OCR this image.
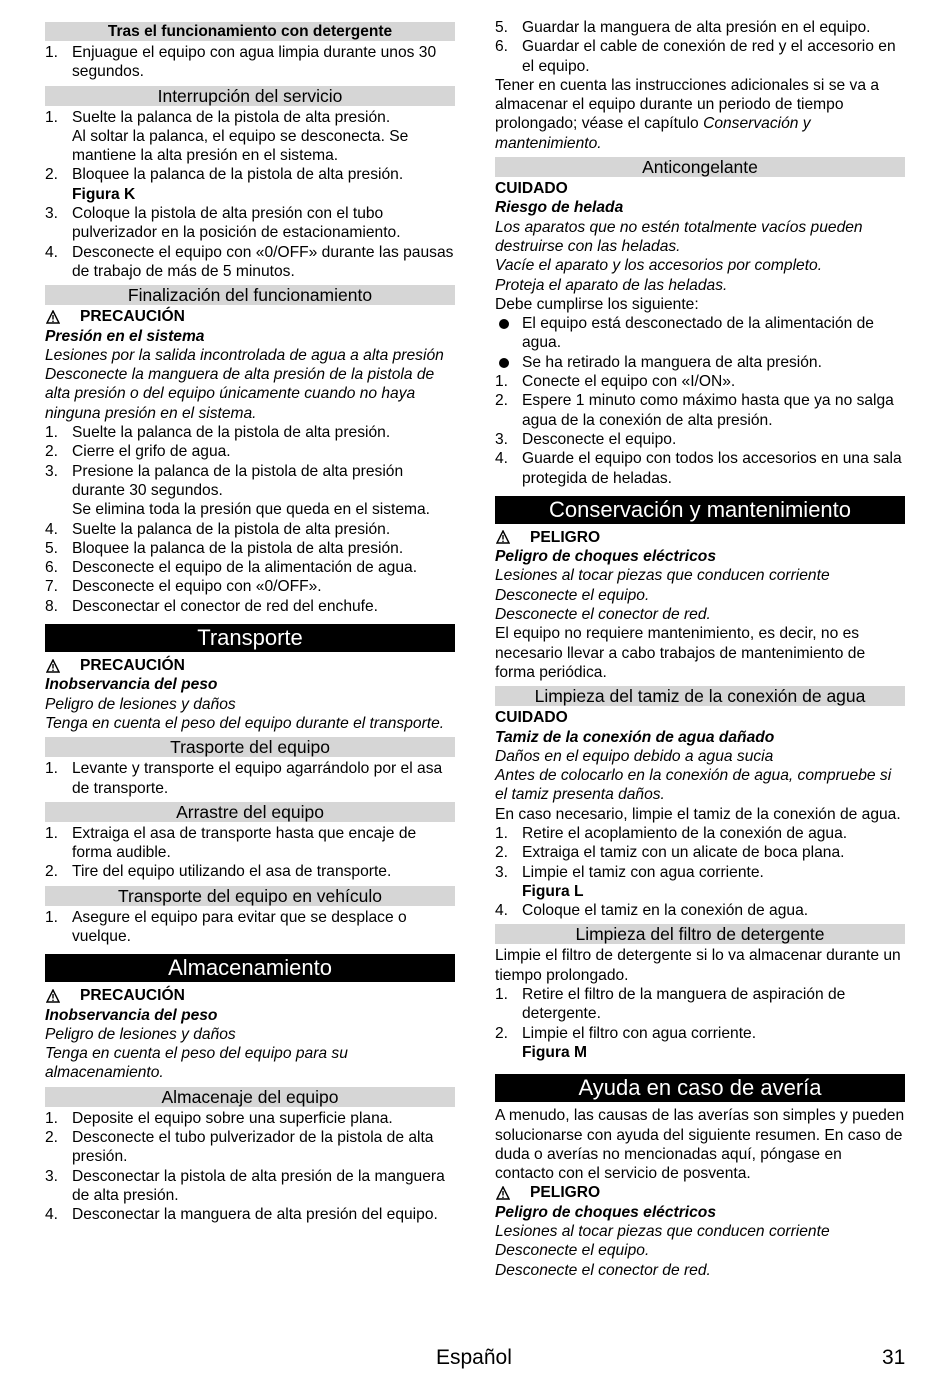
Tras el funcionamiento con detergente
1. Enjuague el equipo con agua limpia durante unos 30 segundos.
Interrupción del servicio
1. Suelte la palanca de la pistola de alta presión.
Al soltar la palanca, el equipo se desconecta. Se mantiene la alta presión en el sistema.
2. Bloquee la palanca de la pistola de alta presión.
Figura K
3. Coloque la pistola de alta presión con el tubo pulverizador en la posición de estacionamiento.
4. Desconecte el equipo con «0/OFF» durante las pausas de trabajo de más de 5 minutos.
Finalización del funcionamiento
PRECAUCIÓN

Presión en el sistema

Lesiones por la salida incontrolada de agua a alta presión

Desconecte la manguera de alta presión de la pistola de alta presión o del equipo únicamente cuando no haya ninguna presión en el sistema.

1. Suelte la palanca de la pistola de alta presión.
2. Cierre el grifo de agua.
3. Presione la palanca de la pistola de alta presión durante 30 segundos.
Se elimina toda la presión que queda en el sistema.
4. Suelte la palanca de la pistola de alta presión.
5. Bloquee la palanca de la pistola de alta presión.
6. Desconecte el equipo de la alimentación de agua.
7. Desconecte el equipo con «0/OFF».
8. Desconectar el conector de red del enchufe.
Transporte
PRECAUCIÓN

Inobservancia del peso

Peligro de lesiones y daños

Tenga en cuenta el peso del equipo durante el transporte.

Trasporte del equipo
1. Levante y transporte el equipo agarrándolo por el asa de transporte.
Arrastre del equipo
1. Extraiga el asa de transporte hasta que encaje de forma audible.
2. Tire del equipo utilizando el asa de transporte.
Transporte del equipo en vehículo
1. Asegure el equipo para evitar que se desplace o vuelque.
Almacenamiento
PRECAUCIÓN

Inobservancia del peso

Peligro de lesiones y daños

Tenga en cuenta el peso del equipo para su almacenamiento.

Almacenaje del equipo
1. Deposite el equipo sobre una superficie plana.
2. Desconecte el tubo pulverizador de la pistola de alta presión.
3. Desconectar la pistola de alta presión de la manguera de alta presión.
4. Desconectar la manguera de alta presión del equipo.
5. Guardar la manguera de alta presión en el equipo.
6. Guardar el cable de conexión de red y el accesorio en el equipo.

Tener en cuenta las instrucciones adicionales si se va a almacenar el equipo durante un periodo de tiempo prolongado; véase el capítulo Conservación y mantenimiento.

Anticongelante

CUIDADO

Riesgo de helada

Los aparatos que no estén totalmente vacíos pueden destruirse con las heladas.

Vacíe el aparato y los accesorios por completo.

Proteja el aparato de las heladas.

Debe cumplirse los siguiente:

El equipo está desconectado de la alimentación de agua.
Se ha retirado la manguera de alta presión.
1. Conecte el equipo con «I/ON».
2. Espere 1 minuto como máximo hasta que ya no salga agua de la conexión de alta presión.
3. Desconecte el equipo.
4. Guarde el equipo con todos los accesorios en una sala protegida de heladas.
Conservación y mantenimiento
PELIGRO

Peligro de choques eléctricos

Lesiones al tocar piezas que conducen corriente

Desconecte el equipo.

Desconecte el conector de red.

El equipo no requiere mantenimiento, es decir, no es necesario llevar a cabo trabajos de mantenimiento de forma periódica.

Limpieza del tamiz de la conexión de agua

CUIDADO

Tamiz de la conexión de agua dañado

Daños en el equipo debido a agua sucia

Antes de colocarlo en la conexión de agua, compruebe si el tamiz presenta daños.

En caso necesario, limpie el tamiz de la conexión de agua.

1. Retire el acoplamiento de la conexión de agua.
2. Extraiga el tamiz con un alicate de boca plana.
3. Limpie el tamiz con agua corriente.
Figura L
4. Coloque el tamiz en la conexión de agua.
Limpieza del filtro de detergente

Limpie el filtro de detergente si lo va almacenar durante un tiempo prolongado.

1. Retire el filtro de la manguera de aspiración de detergente.
2. Limpie el filtro con agua corriente.
Figura M
Ayuda en caso de avería

A menudo, las causas de las averías son simples y pueden solucionarse con ayuda del siguiente resumen. En caso de duda o averías no mencionadas aquí, póngase en contacto con el servicio de posventa.

PELIGRO

Peligro de choques eléctricos

Lesiones al tocar piezas que conducen corriente

Desconecte el equipo.

Desconecte el conector de red.

Español	31
